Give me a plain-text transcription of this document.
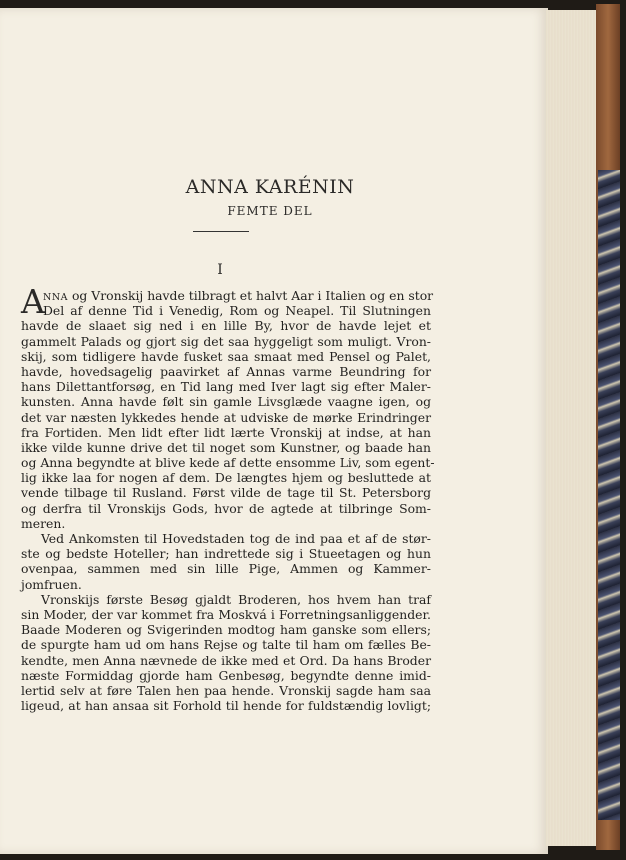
ANNA KARÉNIN
FEMTE DEL
I
A
NNA og Vronskij havde tilbragt et halvt Aar i Italien og en stor
Del af denne Tid i Venedig, Rom og Neapel. Til Slutningen
havde de slaaet sig ned i en lille By, hvor de havde lejet et
gammelt Palads og gjort sig det saa hyggeligt som muligt. Vron-
skij, som tidligere havde fusket saa smaat med Pensel og Palet,
havde, hovedsagelig paavirket af Annas varme Beundring for
hans Dilettantforsøg, en Tid lang med Iver lagt sig efter Maler-
kunsten. Anna havde følt sin gamle Livsglæde vaagne igen, og
det var næsten lykkedes hende at udviske de mørke Erindringer
fra Fortiden. Men lidt efter lidt lærte Vronskij at indse, at han
ikke vilde kunne drive det til noget som Kunstner, og baade han
og Anna begyndte at blive kede af dette ensomme Liv, som egent-
lig ikke laa for nogen af dem. De længtes hjem og besluttede at
vende tilbage til Rusland. Først vilde de tage til St. Petersborg
og derfra til Vronskijs Gods, hvor de agtede at tilbringe Som-
meren.
Ved Ankomsten til Hovedstaden tog de ind paa et af de stør-
ste og bedste Hoteller; han indrettede sig i Stueetagen og hun
ovenpaa, sammen med sin lille Pige, Ammen og Kammer-
jomfruen.
Vronskijs første Besøg gjaldt Broderen, hos hvem han traf
sin Moder, der var kommet fra Moskvá i Forretningsanliggender.
Baade Moderen og Svigerinden modtog ham ganske som ellers;
de spurgte ham ud om hans Rejse og talte til ham om fælles Be-
kendte, men Anna nævnede de ikke med et Ord. Da hans Broder
næste Formiddag gjorde ham Genbesøg, begyndte denne imid-
lertid selv at føre Talen hen paa hende. Vronskij sagde ham saa
ligeud, at han ansaa sit Forhold til hende for fuldstændig lovligt;
